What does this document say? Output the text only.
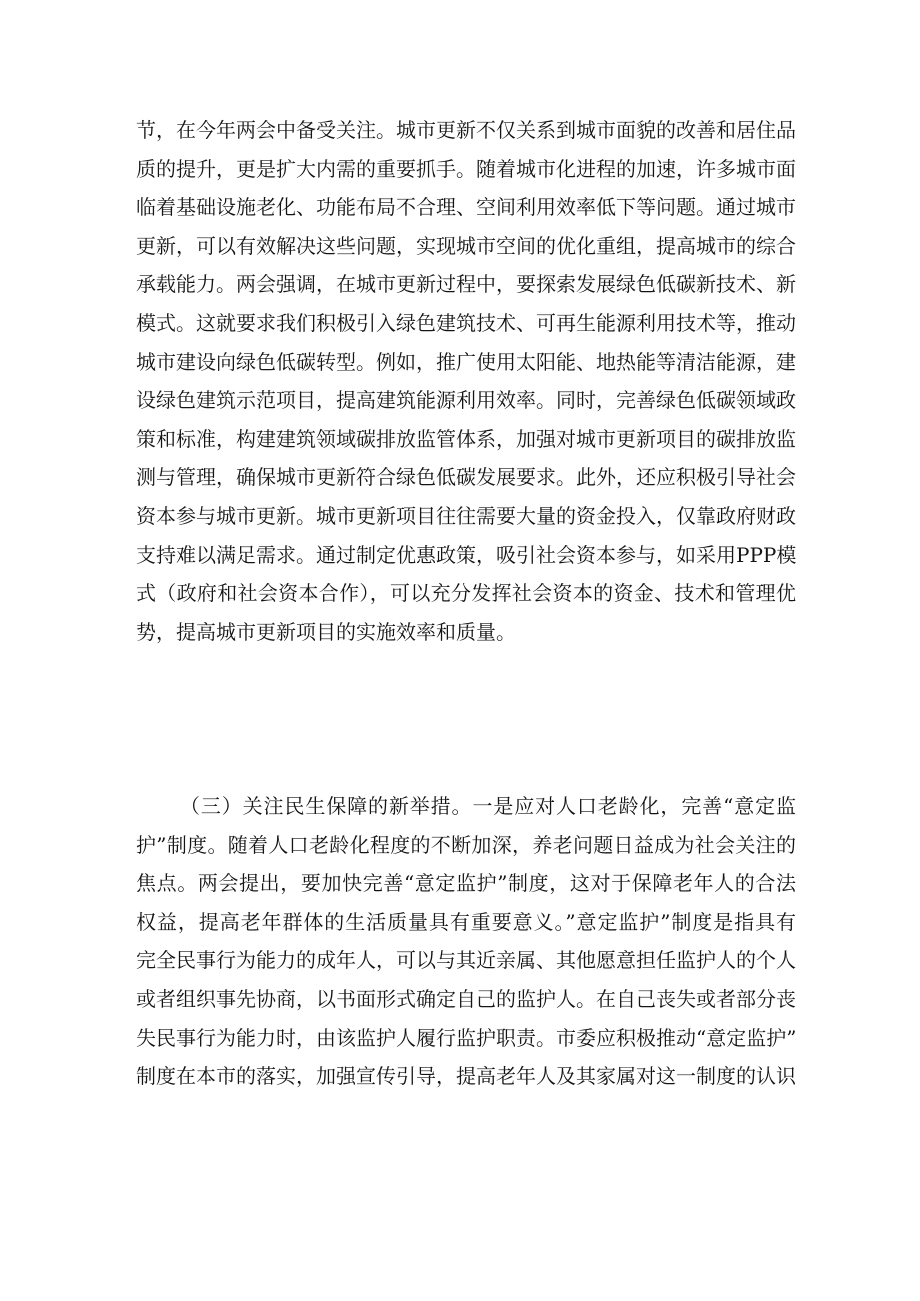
节，在今年两会中备受关注。城市更新不仅关系到城市面貌的改善和居住品
质的提升，更是扩大内需的重要抓手。随着城市化进程的加速，许多城市面
临着基础设施老化、功能布局不合理、空间利用效率低下等问题。通过城市
更新，可以有效解决这些问题，实现城市空间的优化重组，提高城市的综合
承载能力。两会强调，在城市更新过程中，要探索发展绿色低碳新技术、新
模式。这就要求我们积极引入绿色建筑技术、可再生能源利用技术等，推动
城市建设向绿色低碳转型。例如，推广使用太阳能、地热能等清洁能源，建
设绿色建筑示范项目，提高建筑能源利用效率。同时，完善绿色低碳领域政
策和标准，构建建筑领域碳排放监管体系，加强对城市更新项目的碳排放监
测与管理，确保城市更新符合绿色低碳发展要求。此外，还应积极引导社会
资本参与城市更新。城市更新项目往往需要大量的资金投入，仅靠政府财政
支持难以满足需求。通过制定优惠政策，吸引社会资本参与，如采用PPP模
式（政府和社会资本合作），可以充分发挥社会资本的资金、技术和管理优
势，提高城市更新项目的实施效率和质量。
（三）关注民生保障的新举措。一是应对人口老龄化，完善“意定监
护”制度。随着人口老龄化程度的不断加深，养老问题日益成为社会关注的
焦点。两会提出，要加快完善“意定监护”制度，这对于保障老年人的合法
权益，提高老年群体的生活质量具有重要意义。”意定监护”制度是指具有
完全民事行为能力的成年人，可以与其近亲属、其他愿意担任监护人的个人
或者组织事先协商，以书面形式确定自己的监护人。在自己丧失或者部分丧
失民事行为能力时，由该监护人履行监护职责。市委应积极推动“意定监护”
制度在本市的落实，加强宣传引导，提高老年人及其家属对这一制度的认识
